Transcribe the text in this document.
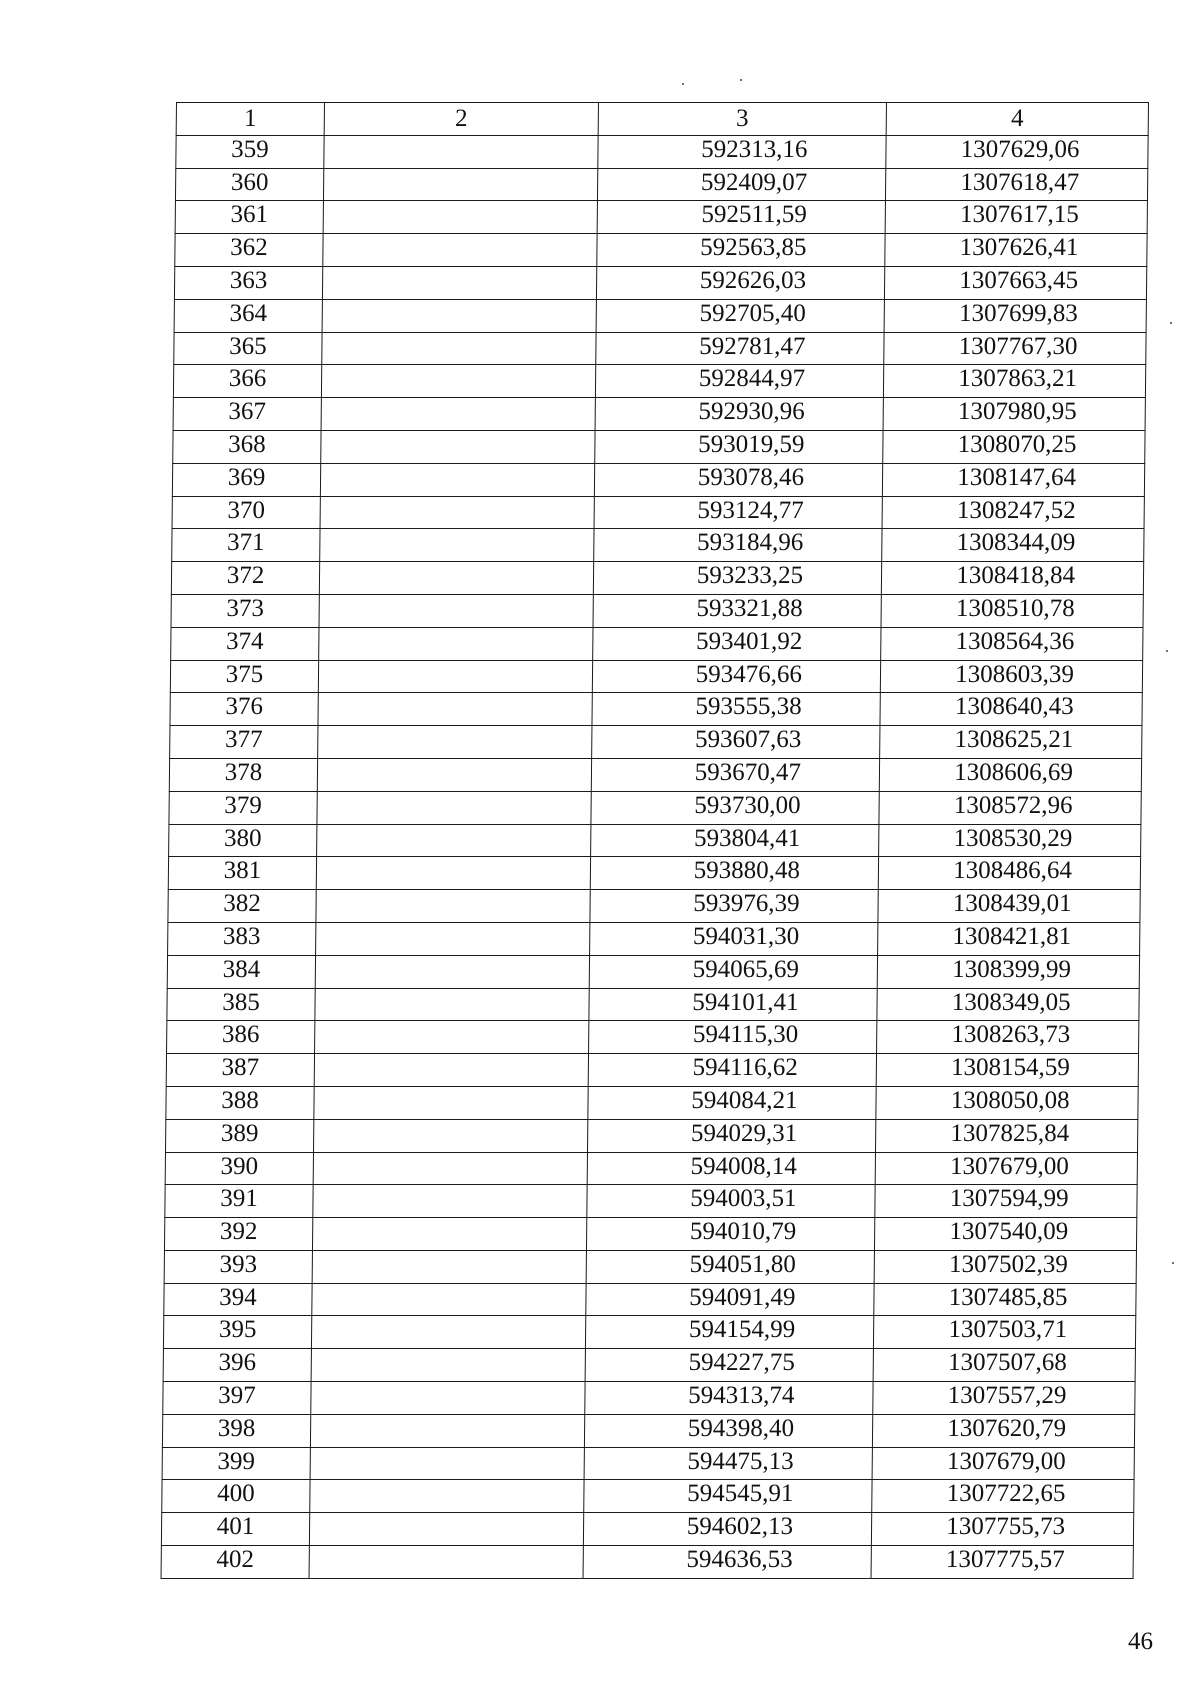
1	2	3	4
359		592313,16	1307629,06
360		592409,07	1307618,47
361		592511,59	1307617,15
362		592563,85	1307626,41
363		592626,03	1307663,45
364		592705,40	1307699,83
365		592781,47	1307767,30
366		592844,97	1307863,21
367		592930,96	1307980,95
368		593019,59	1308070,25
369		593078,46	1308147,64
370		593124,77	1308247,52
371		593184,96	1308344,09
372		593233,25	1308418,84
373		593321,88	1308510,78
374		593401,92	1308564,36
375		593476,66	1308603,39
376		593555,38	1308640,43
377		593607,63	1308625,21
378		593670,47	1308606,69
379		593730,00	1308572,96
380		593804,41	1308530,29
381		593880,48	1308486,64
382		593976,39	1308439,01
383		594031,30	1308421,81
384		594065,69	1308399,99
385		594101,41	1308349,05
386		594115,30	1308263,73
387		594116,62	1308154,59
388		594084,21	1308050,08
389		594029,31	1307825,84
390		594008,14	1307679,00
391		594003,51	1307594,99
392		594010,79	1307540,09
393		594051,80	1307502,39
394		594091,49	1307485,85
395		594154,99	1307503,71
396		594227,75	1307507,68
397		594313,74	1307557,29
398		594398,40	1307620,79
399		594475,13	1307679,00
400		594545,91	1307722,65
401		594602,13	1307755,73
402		594636,53	1307775,57
46
